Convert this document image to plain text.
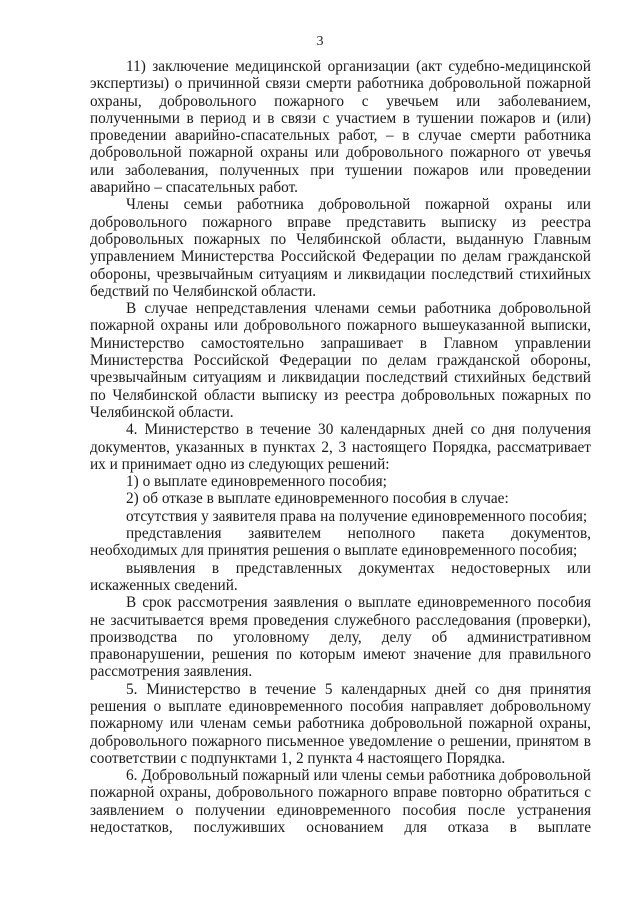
3

11) заключение медицинской организации (акт судебно-медицинской экспертизы) о причинной связи смерти работника добровольной пожарной охраны, добровольного пожарного с увечьем или заболеванием, полученными в период и в связи с участием в тушении пожаров и (или) проведении аварийно-спасательных работ, – в случае смерти работника добровольной пожарной охраны или добровольного пожарного от увечья или заболевания, полученных при тушении пожаров или проведении аварийно – спасательных работ.

Члены семьи работника добровольной пожарной охраны или добровольного пожарного вправе представить выписку из реестра добровольных пожарных по Челябинской области, выданную Главным управлением Министерства Российской Федерации по делам гражданской обороны, чрезвычайным ситуациям и ликвидации последствий стихийных бедствий по Челябинской области.

В случае непредставления членами семьи работника добровольной пожарной охраны или добровольного пожарного вышеуказанной выписки, Министерство самостоятельно запрашивает в Главном управлении Министерства Российской Федерации по делам гражданской обороны, чрезвычайным ситуациям и ликвидации последствий стихийных бедствий по Челябинской области выписку из реестра добровольных пожарных по Челябинской области.

4. Министерство в течение 30 календарных дней со дня получения документов, указанных в пунктах 2, 3 настоящего Порядка, рассматривает их и принимает одно из следующих решений:

1) о выплате единовременного пособия;

2) об отказе в выплате единовременного пособия в случае:

отсутствия у заявителя права на получение единовременного пособия;

представления заявителем неполного пакета документов, необходимых для принятия решения о выплате единовременного пособия;

выявления в представленных документах недостоверных или искаженных сведений.

В срок рассмотрения заявления о выплате единовременного пособия не засчитывается время проведения служебного расследования (проверки), производства по уголовному делу, делу об административном правонарушении, решения по которым имеют значение для правильного рассмотрения заявления.

5. Министерство в течение 5 календарных дней со дня принятия решения о выплате единовременного пособия направляет добровольному пожарному или членам семьи работника добровольной пожарной охраны, добровольного пожарного письменное уведомление о решении, принятом в соответствии с подпунктами 1, 2 пункта 4 настоящего Порядка.

6. Добровольный пожарный или члены семьи работника добровольной пожарной охраны, добровольного пожарного вправе повторно обратиться с заявлением о получении единовременного пособия после устранения недостатков, послуживших основанием для отказа в выплате
